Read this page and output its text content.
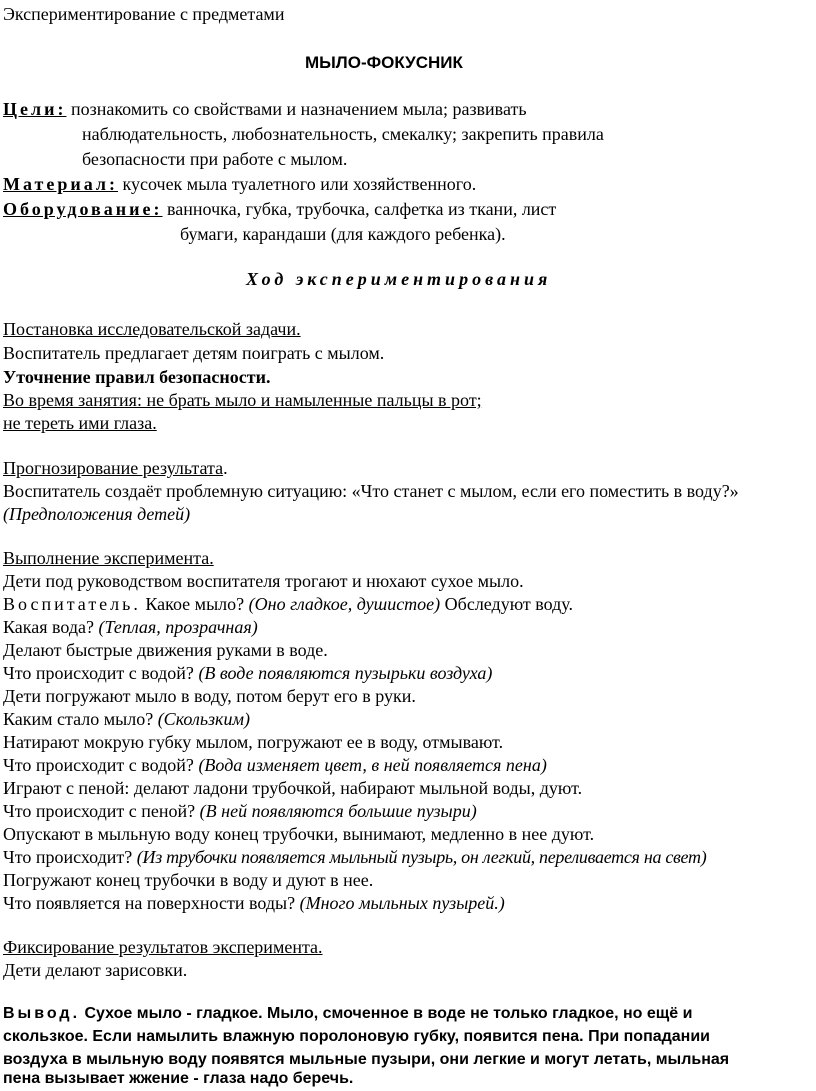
Экспериментирование с предметами
МЫЛО-ФОКУСНИК
Цели: познакомить со свойствами и назначением мыла; развивать
наблюдательность, любознательность, смекалку; закрепить правила
безопасности при работе с мылом.
Материал: кусочек мыла туалетного или хозяйственного.
Оборудование: ванночка, губка, трубочка, салфетка из ткани, лист
бумаги, карандаши (для каждого ребенка).
Ход экспериментирования
Постановка исследовательской задачи.
Воспитатель предлагает детям поиграть с мылом.
Уточнение правил безопасности.
Во время занятия: не брать мыло и намыленные пальцы в рот;
не тереть ими глаза.
Прогнозирование результата.
Воспитатель создаёт проблемную ситуацию: «Что станет с мылом, если его поместить в воду?»
(Предположения детей)
Выполнение эксперимента.
Дети под руководством воспитателя трогают и нюхают сухое мыло.
Воспитатель. Какое мыло? (Оно гладкое, душистое) Обследуют воду.
Какая вода? (Теплая, прозрачная)
Делают быстрые движения руками в воде.
Что происходит с водой? (В воде появляются пузырьки воздуха)
Дети погружают мыло в воду, потом берут его в руки.
Каким стало мыло? (Скользким)
Натирают мокрую губку мылом, погружают ее в воду, отмывают.
Что происходит с водой? (Вода изменяет цвет, в ней появляется пена)
Играют с пеной: делают ладони трубочкой, набирают мыльной воды, дуют.
Что происходит с пеной? (В ней появляются большие пузыри)
Опускают в мыльную воду конец трубочки, вынимают, медленно в нее дуют.
Что происходит? (Из трубочки появляется мыльный пузырь, он легкий, переливается на свет)
Погружают конец трубочки в воду и дуют в нее.
Что появляется на поверхности воды? (Много мыльных пузырей.)
Фиксирование результатов эксперимента.
Дети делают зарисовки.
Вывод. Сухое мыло - гладкое. Мыло, смоченное в воде не только гладкое, но ещё и
скользкое. Если намылить влажную поролоновую губку, появится пена. При попадании
воздуха в мыльную воду появятся мыльные пузыри, они легкие и могут летать, мыльная
пена вызывает жжение - глаза надо беречь.
